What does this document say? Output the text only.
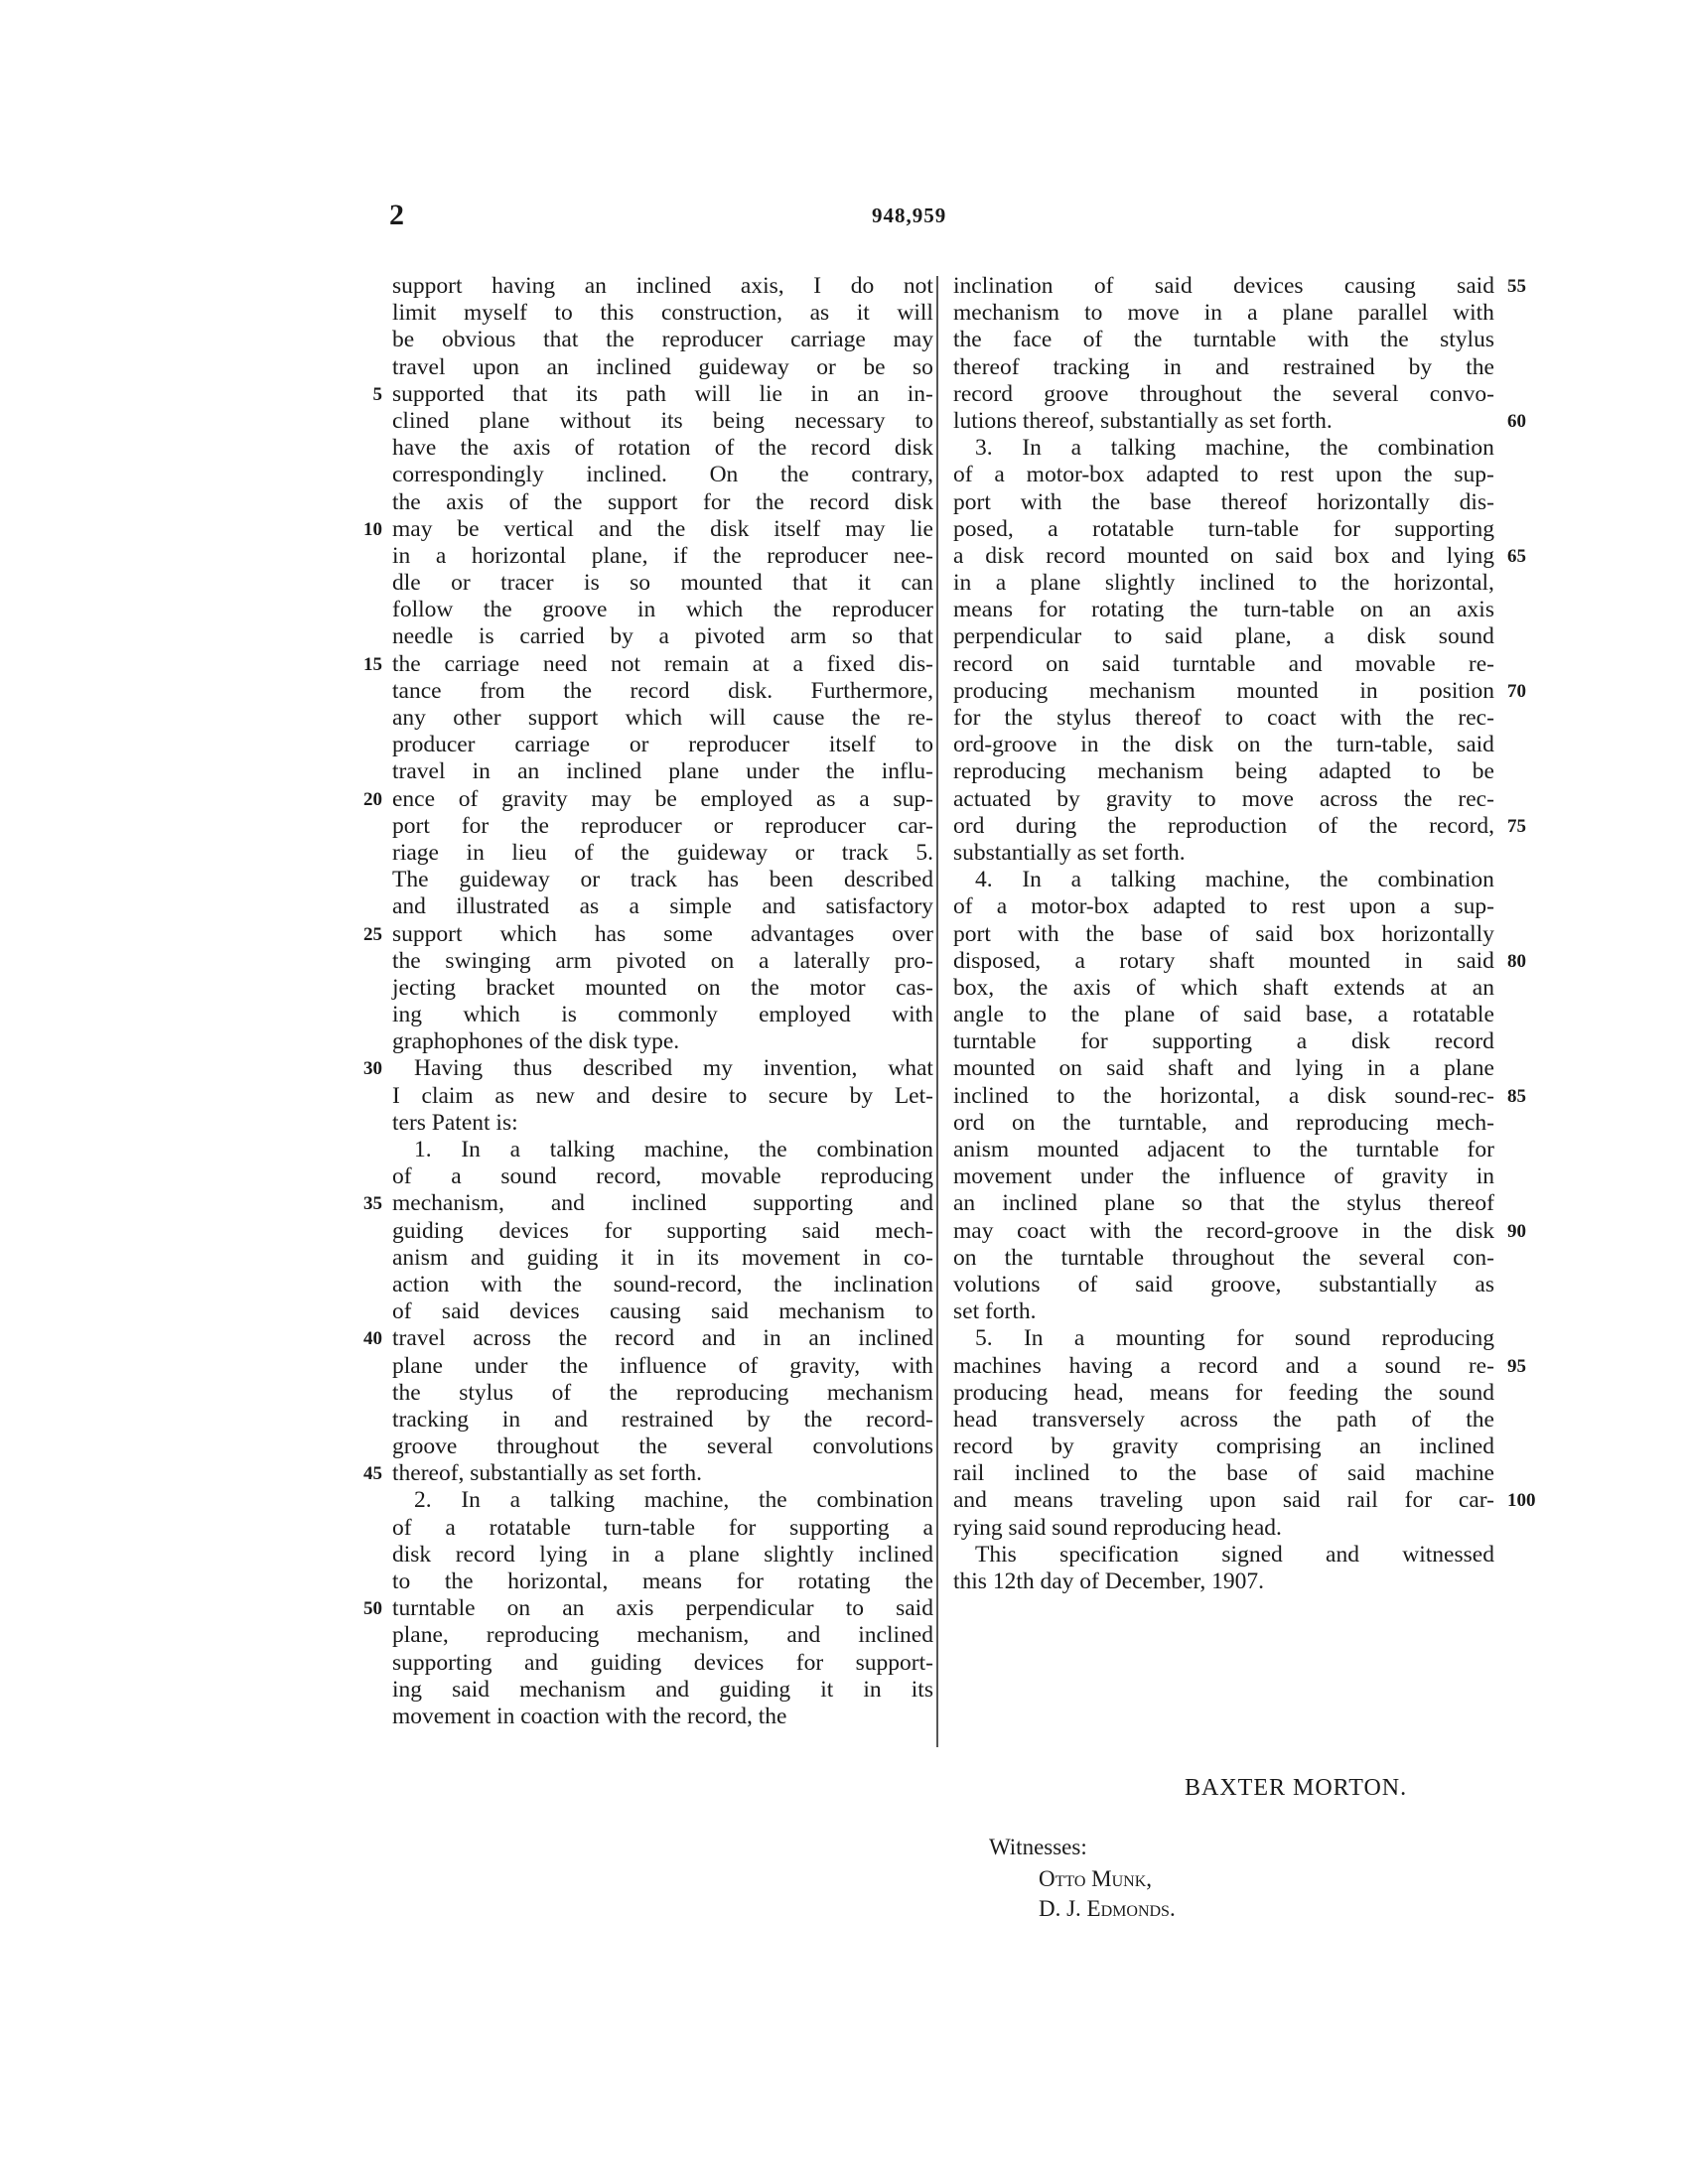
2	948,959
support having an inclined axis, I do not
limit myself to this construction, as it will
be obvious that the reproducer carriage may
travel upon an inclined guideway or be so
supported that its path will lie in an in-
5
clined plane without its being necessary to
have the axis of rotation of the record disk
correspondingly inclined. On the contrary,
the axis of the support for the record disk
may be vertical and the disk itself may lie
10
in a horizontal plane, if the reproducer nee-
dle or tracer is so mounted that it can
follow the groove in which the reproducer
needle is carried by a pivoted arm so that
the carriage need not remain at a fixed dis-
15
tance from the record disk. Furthermore,
any other support which will cause the re-
producer carriage or reproducer itself to
travel in an inclined plane under the influ-
ence of gravity may be employed as a sup-
20
port for the reproducer or reproducer car-
riage in lieu of the guideway or track 5.
The guideway or track has been described
and illustrated as a simple and satisfactory
support which has some advantages over
25
the swinging arm pivoted on a laterally pro-
jecting bracket mounted on the motor cas-
ing which is commonly employed with
graphophones of the disk type.
Having thus described my invention, what
30
I claim as new and desire to secure by Let-
ters Patent is:
1. In a talking machine, the combination
of a sound record, movable reproducing
mechanism, and inclined supporting and
35
guiding devices for supporting said mech-
anism and guiding it in its movement in co-
action with the sound-record, the inclination
of said devices causing said mechanism to
travel across the record and in an inclined
40
plane under the influence of gravity, with
the stylus of the reproducing mechanism
tracking in and restrained by the record-
groove throughout the several convolutions
thereof, substantially as set forth.
45
2. In a talking machine, the combination
of a rotatable turn-table for supporting a
disk record lying in a plane slightly inclined
to the horizontal, means for rotating the
turntable on an axis perpendicular to said
50
plane, reproducing mechanism, and inclined
supporting and guiding devices for support-
ing said mechanism and guiding it in its
movement in coaction with the record, the
inclination of said devices causing said 55
mechanism to move in a plane parallel with
the face of the turntable with the stylus
thereof tracking in and restrained by the
record groove throughout the several convo-
lutions thereof, substantially as set forth.	60
3. In a talking machine, the combination
of a motor-box adapted to rest upon the sup-
port with the base thereof horizontally dis-
posed, a rotatable turn-table for supporting
a disk record mounted on said box and lying 65
in a plane slightly inclined to the horizontal,
means for rotating the turn-table on an axis
perpendicular to said plane, a disk sound
record on said turntable and movable re-
producing mechanism mounted in position 70
for the stylus thereof to coact with the rec-
ord-groove in the disk on the turn-table, said
reproducing mechanism being adapted to be
actuated by gravity to move across the rec-
ord during the reproduction of the record, 75
substantially as set forth.
4. In a talking machine, the combination
of a motor-box adapted to rest upon a sup-
port with the base of said box horizontally
disposed, a rotary shaft mounted in said 80
box, the axis of which shaft extends at an
angle to the plane of said base, a rotatable
turntable for supporting a disk record
mounted on said shaft and lying in a plane
inclined to the horizontal, a disk sound-rec- 85
ord on the turntable, and reproducing mech-
anism mounted adjacent to the turntable for
movement under the influence of gravity in
an inclined plane so that the stylus thereof
may coact with the record-groove in the disk 90
on the turntable throughout the several con-
volutions of said groove, substantially as
set forth.
5. In a mounting for sound reproducing
machines having a record and a sound re- 95
producing head, means for feeding the sound
head transversely across the path of the
record by gravity comprising an inclined
rail inclined to the base of said machine
and means traveling upon said rail for car- 100
rying said sound reproducing head.
This specification signed and witnessed
this 12th day of December, 1907.
BAXTER MORTON.
Witnesses:
Otto Munk,
D. J. Edmonds.
